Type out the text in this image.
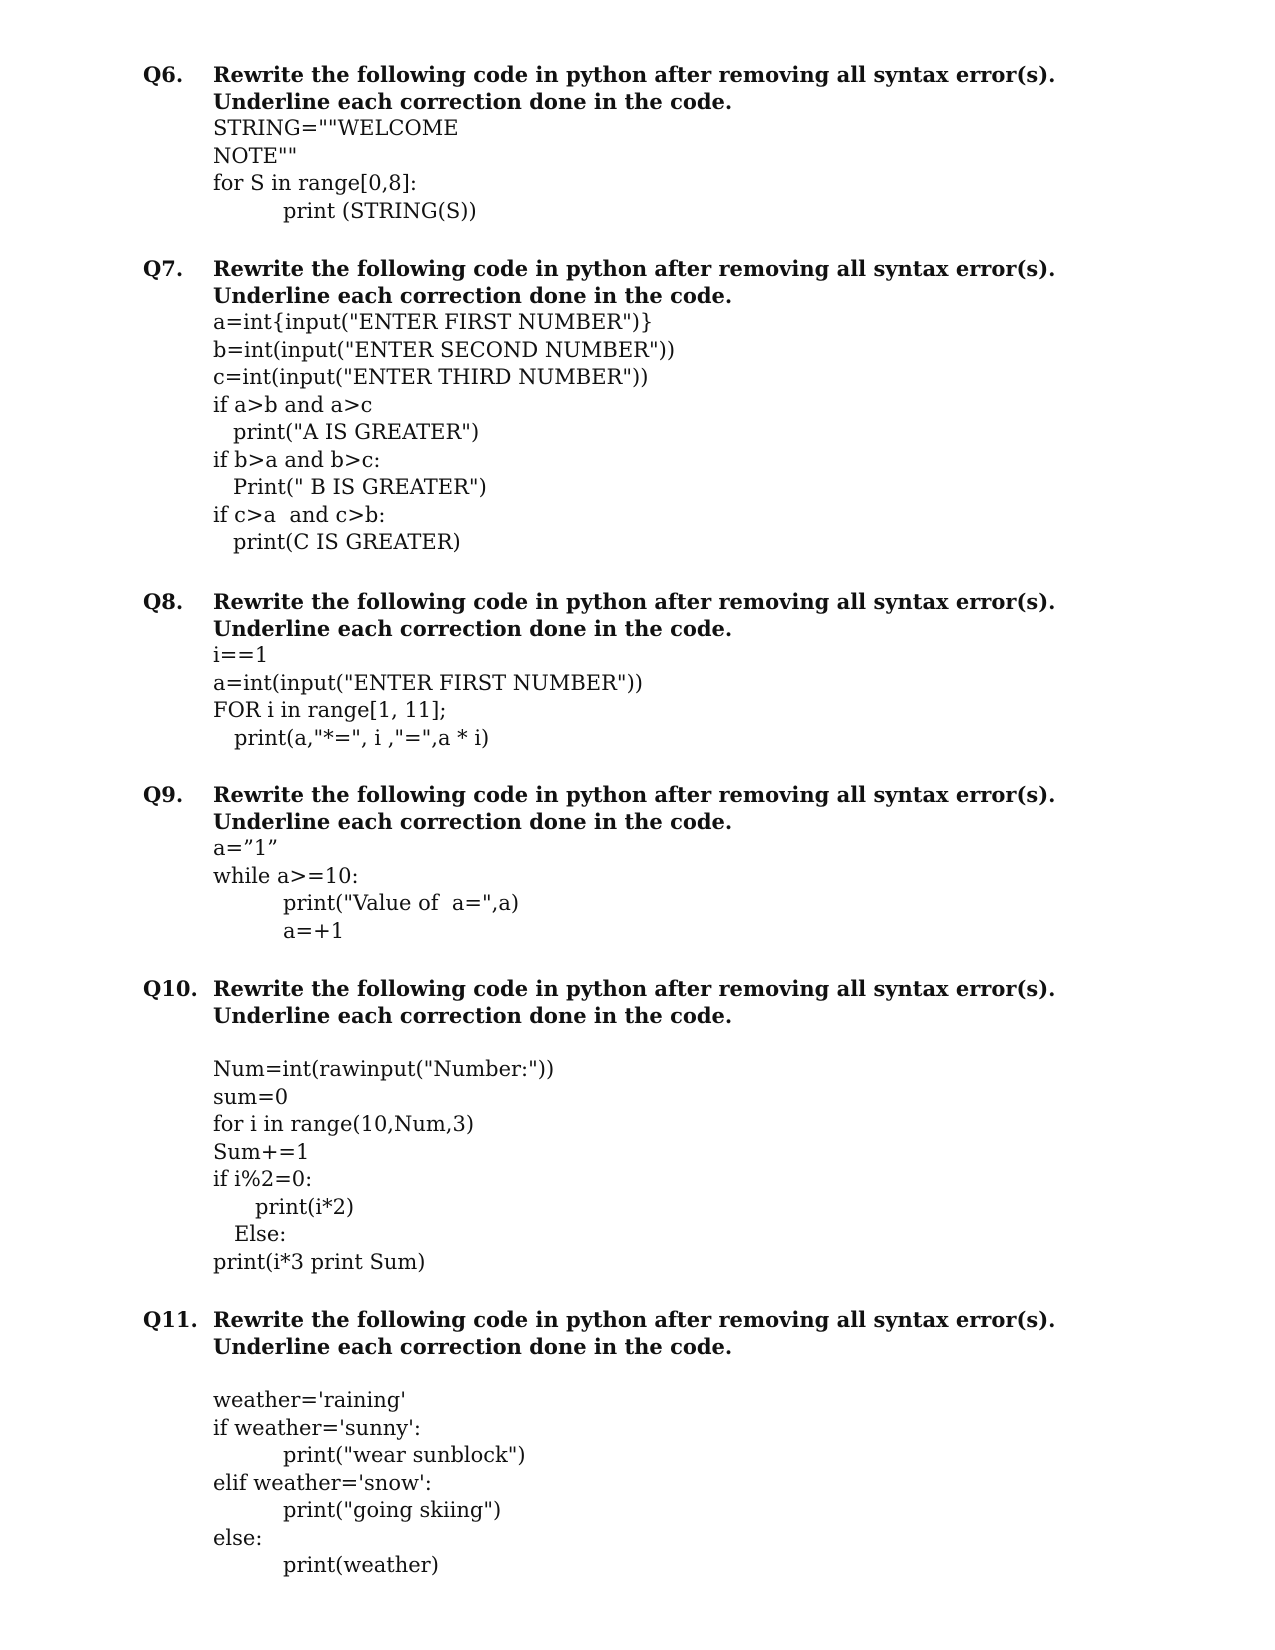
Q6. Rewrite the following code in python after removing all syntax error(s). Underline each correction done in the code.

STRING=""WELCOME
NOTE""
for S in range[0,8]:
print (STRING(S))
Q7. Rewrite the following code in python after removing all syntax error(s). Underline each correction done in the code.

a=int{input("ENTER FIRST NUMBER")}
b=int(input("ENTER SECOND NUMBER"))
c=int(input("ENTER THIRD NUMBER"))
if a>b and a>c
print("A IS GREATER")
if b>a and b>c:
Print(" B IS GREATER")
if c>a  and c>b:
print(C IS GREATER)
Q8. Rewrite the following code in python after removing all syntax error(s). Underline each correction done in the code.

i==1
a=int(input("ENTER FIRST NUMBER"))
FOR i in range[1, 11];
print(a,"*=", i ,"=",a * i)
Q9. Rewrite the following code in python after removing all syntax error(s). Underline each correction done in the code.

a=”1”
while a>=10:
print("Value of  a=",a)
a=+1
Q10. Rewrite the following code in python after removing all syntax error(s). Underline each correction done in the code.

Num=int(rawinput("Number:"))
sum=0
for i in range(10,Num,3)
Sum+=1
if i%2=0:
print(i*2)
Else:
print(i*3 print Sum)
Q11. Rewrite the following code in python after removing all syntax error(s). Underline each correction done in the code.

weather='raining'
if weather='sunny':
print("wear sunblock")
elif weather='snow':
print("going skiing")
else:
print(weather)
